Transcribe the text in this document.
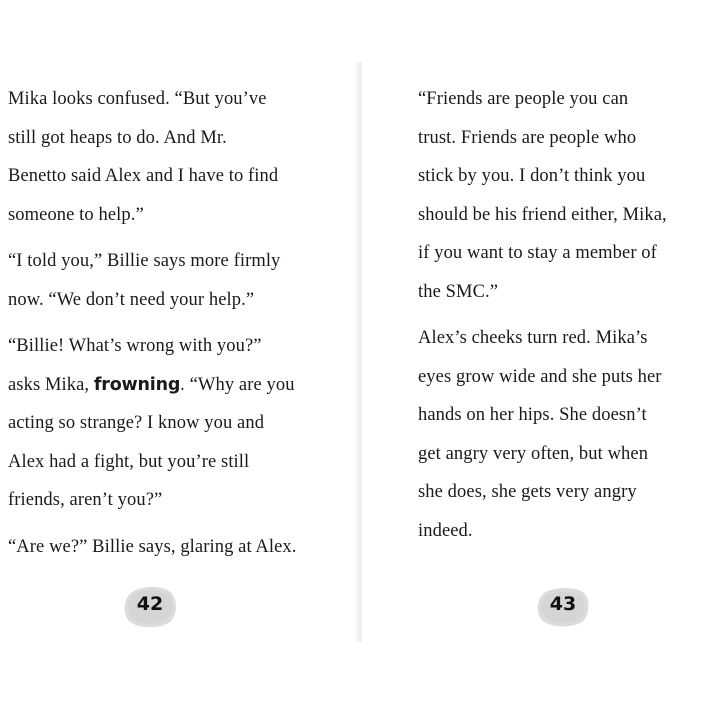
Mika looks confused. “But you’ve
still got heaps to do. And Mr.
Benetto said Alex and I have to find
someone to help.”

“I told you,” Billie says more firmly
now. “We don’t need your help.”

“Billie! What’s wrong with you?”
asks Mika, frowning. “Why are you
acting so strange? I know you and
Alex had a fight, but you’re still
friends, aren’t you?”

“Are we?” Billie says, glaring at Alex.

42

“Friends are people you can
trust. Friends are people who
stick by you. I don’t think you
should be his friend either, Mika,
if you want to stay a member of
the SMC.”

Alex’s cheeks turn red. Mika’s
eyes grow wide and she puts her
hands on her hips. She doesn’t
get angry very often, but when
she does, she gets very angry
indeed.

43
